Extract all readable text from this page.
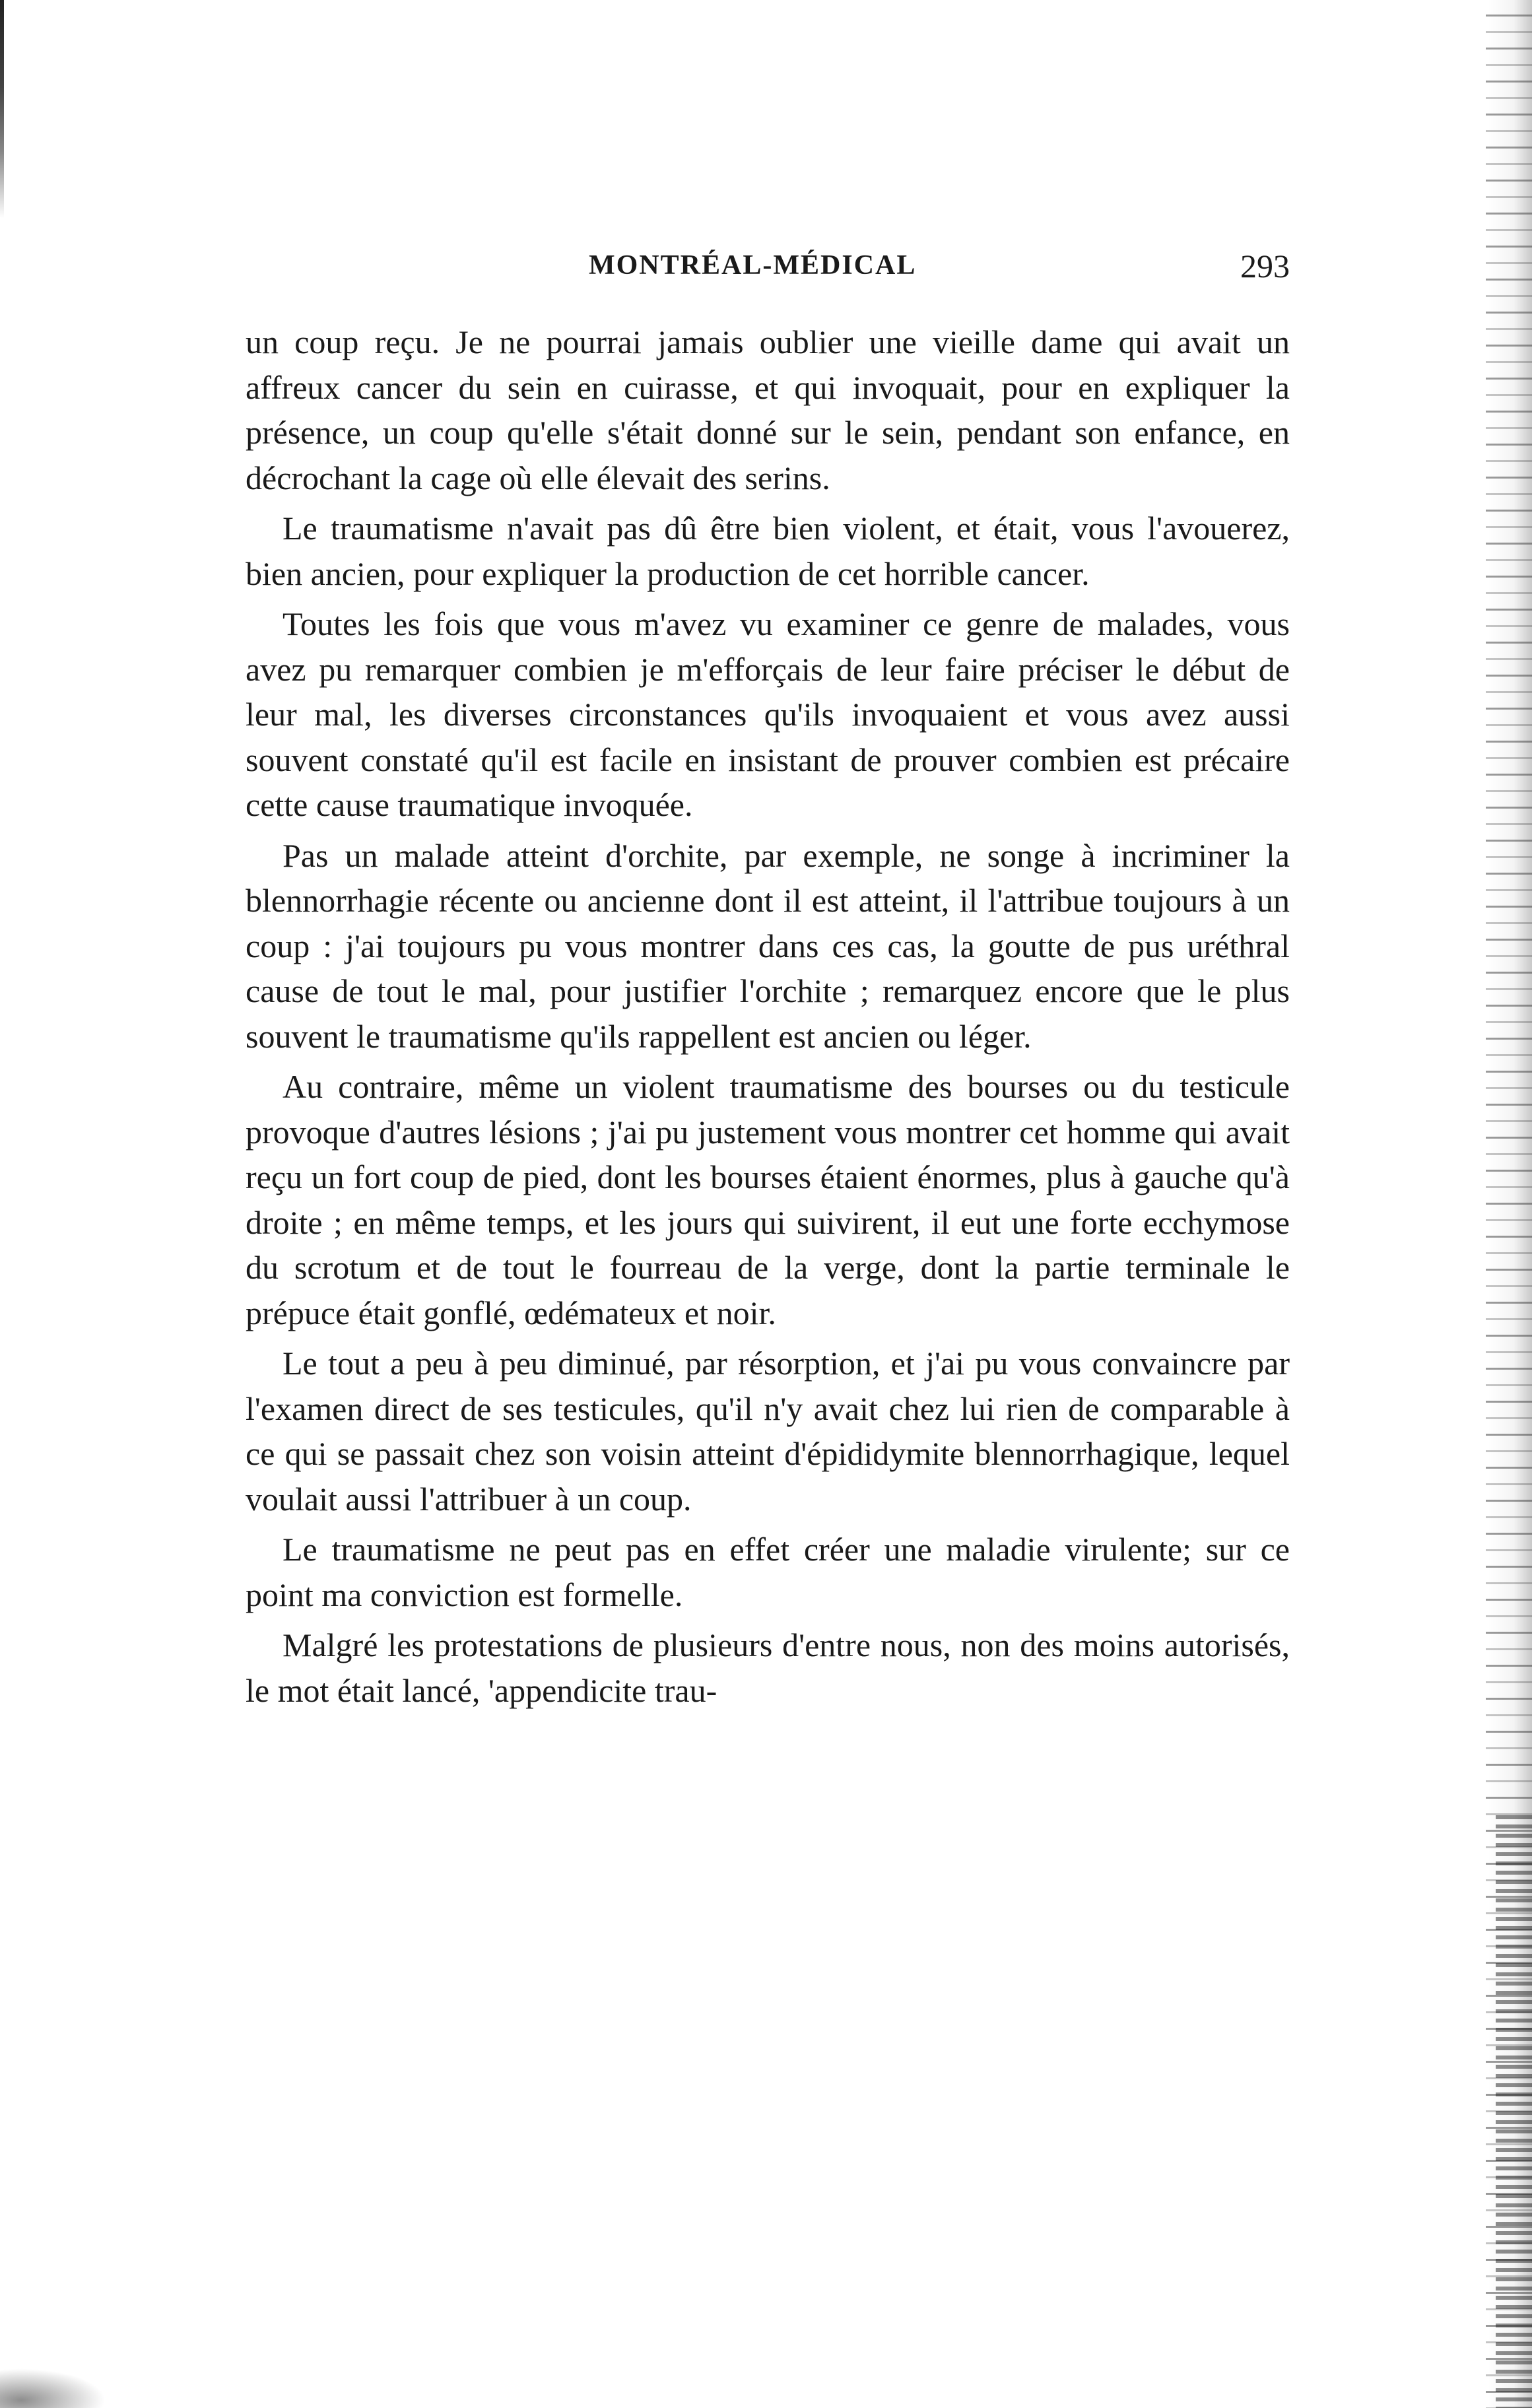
MONTRÉAL-MÉDICAL	293

un coup reçu. Je ne pourrai jamais oublier une vieille dame qui avait un affreux cancer du sein en cuirasse, et qui invoquait, pour en expliquer la présence, un coup qu'elle s'était donné sur le sein, pendant son enfance, en décrochant la cage où elle élevait des serins.

Le traumatisme n'avait pas dû être bien violent, et était, vous l'avouerez, bien ancien, pour expliquer la production de cet horrible cancer.

Toutes les fois que vous m'avez vu examiner ce genre de malades, vous avez pu remarquer combien je m'efforçais de leur faire préciser le début de leur mal, les diverses circonstances qu'ils invoquaient et vous avez aussi souvent constaté qu'il est facile en insistant de prouver combien est précaire cette cause traumatique invoquée.

Pas un malade atteint d'orchite, par exemple, ne songe à incriminer la blennorrhagie récente ou ancienne dont il est atteint, il l'attribue toujours à un coup : j'ai toujours pu vous montrer dans ces cas, la goutte de pus uréthral cause de tout le mal, pour justifier l'orchite ; remarquez encore que le plus souvent le traumatisme qu'ils rappellent est ancien ou léger.

Au contraire, même un violent traumatisme des bourses ou du testicule provoque d'autres lésions ; j'ai pu justement vous montrer cet homme qui avait reçu un fort coup de pied, dont les bourses étaient énormes, plus à gauche qu'à droite ; en même temps, et les jours qui suivirent, il eut une forte ecchymose du scrotum et de tout le fourreau de la verge, dont la partie terminale le prépuce était gonflé, œdémateux et noir.

Le tout a peu à peu diminué, par résorption, et j'ai pu vous convaincre par l'examen direct de ses testicules, qu'il n'y avait chez lui rien de comparable à ce qui se passait chez son voisin atteint d'épididymite blennorrhagique, lequel voulait aussi l'attribuer à un coup.

Le traumatisme ne peut pas en effet créer une maladie virulente; sur ce point ma conviction est formelle.

Malgré les protestations de plusieurs d'entre nous, non des moins autorisés, le mot était lancé, 'appendicite trau-
